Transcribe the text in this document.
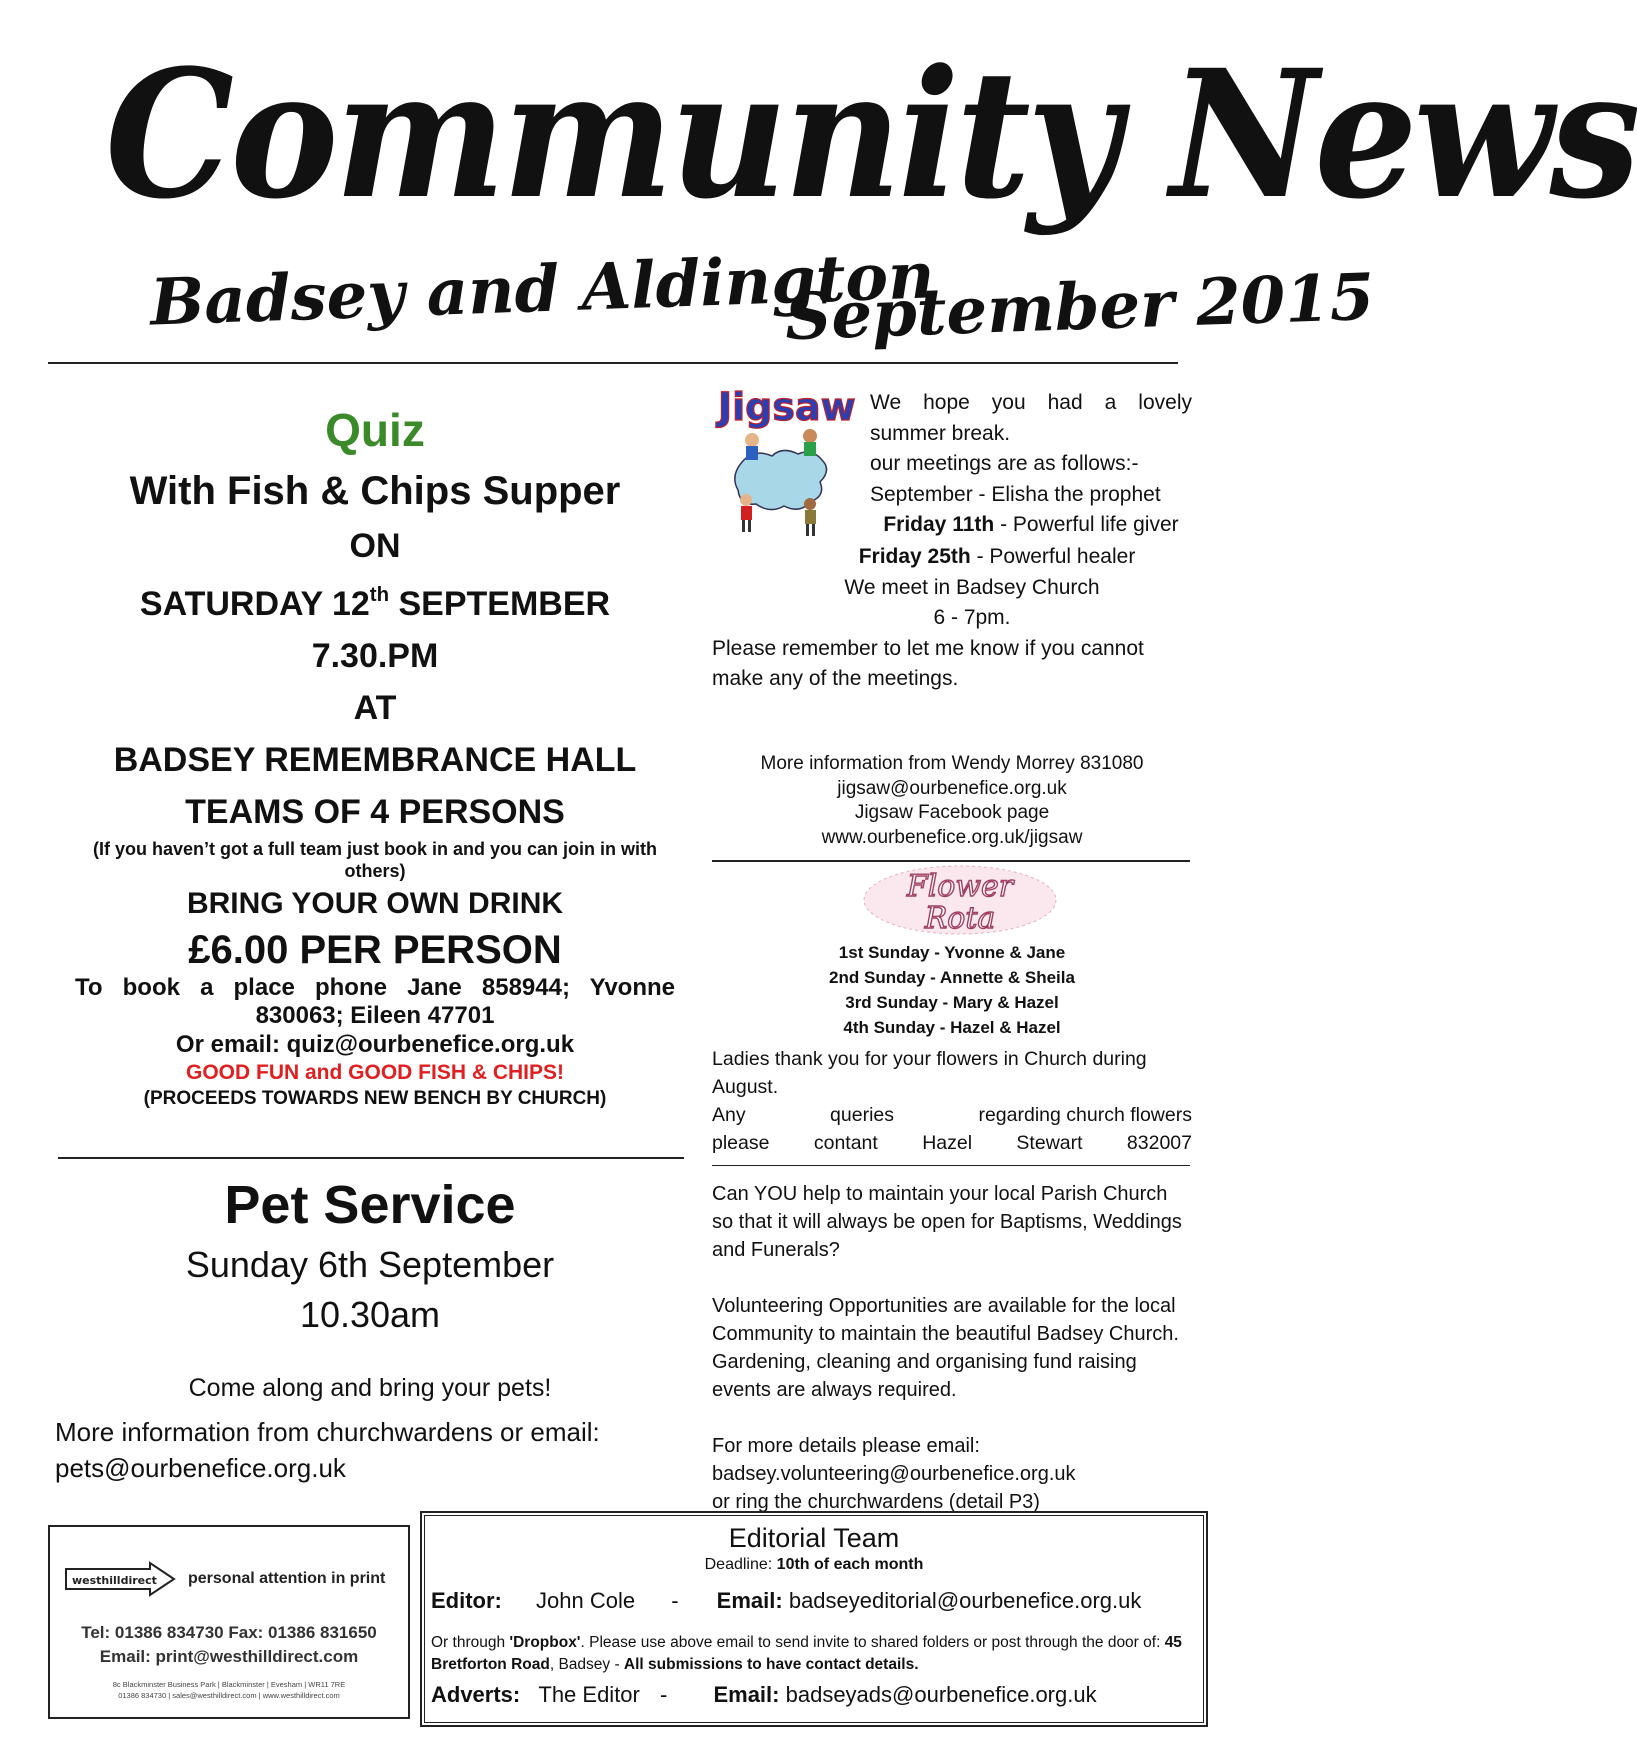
Community News
Badsey and Aldington
September 2015
Quiz
With Fish & Chips Supper
ON
SATURDAY 12th SEPTEMBER
7.30.PM
AT
BADSEY REMEMBRANCE HALL
TEAMS OF 4 PERSONS
(If you haven’t got a full team just book in and you can join in with others)
BRING YOUR OWN DRINK
£6.00 PER PERSON
To book a place phone Jane 858944; Yvonne 830063; Eileen 47701
Or email: quiz@ourbenefice.org.uk
GOOD FUN and GOOD FISH & CHIPS!
(PROCEEDS TOWARDS NEW BENCH BY CHURCH)
Pet Service
Sunday 6th September
10.30am
Come along and bring your pets!
More information from churchwardens or email: pets@ourbenefice.org.uk
Jigsaw We hope you had a lovely summer break.
our meetings are as follows:-
September - Elisha the prophet
Friday 11th - Powerful life giver
Friday 25th - Powerful healer
We meet in Badsey Church
6 - 7pm.
Please remember to let me know if you cannot make any of the meetings.
More information from Wendy Morrey 831080
jigsaw@ourbenefice.org.uk
Jigsaw Facebook page
www.ourbenefice.org.uk/jigsaw
Flower
Rota
1st Sunday - Yvonne & Jane
2nd Sunday - Annette & Sheila
3rd Sunday - Mary & Hazel
4th Sunday - Hazel & Hazel
Ladies thank you for your flowers in Church during August.
Any	queries	regarding church flowers
please contant Hazel Stewart 832007

Can YOU help to maintain your local Parish Church so that it will always be open for Baptisms, Weddings and Funerals?

Volunteering Opportunities are available for the local Community to maintain the beautiful Badsey Church. Gardening, cleaning and organising fund raising events are always required.

For more details please email:
badsey.volunteering@ourbenefice.org.uk
or ring the churchwardens (detail P3)
westhilldirect personal attention in print
Tel: 01386 834730 Fax: 01386 831650
Email: print@westhilldirect.com
8c Blackminster Business Park | Blackminster | Evesham | WR11 7RE
01386 834730 | sales@westhilldirect.com | www.westhilldirect.com
Editorial Team
Deadline: 10th of each month
Editor: John Cole - Email: badseyeditorial@ourbenefice.org.uk
Or through 'Dropbox'. Please use above email to send invite to shared folders or post through the door of: 45 Bretforton Road, Badsey - All submissions to have contact details.
Adverts: The Editor - Email: badseyads@ourbenefice.org.uk
